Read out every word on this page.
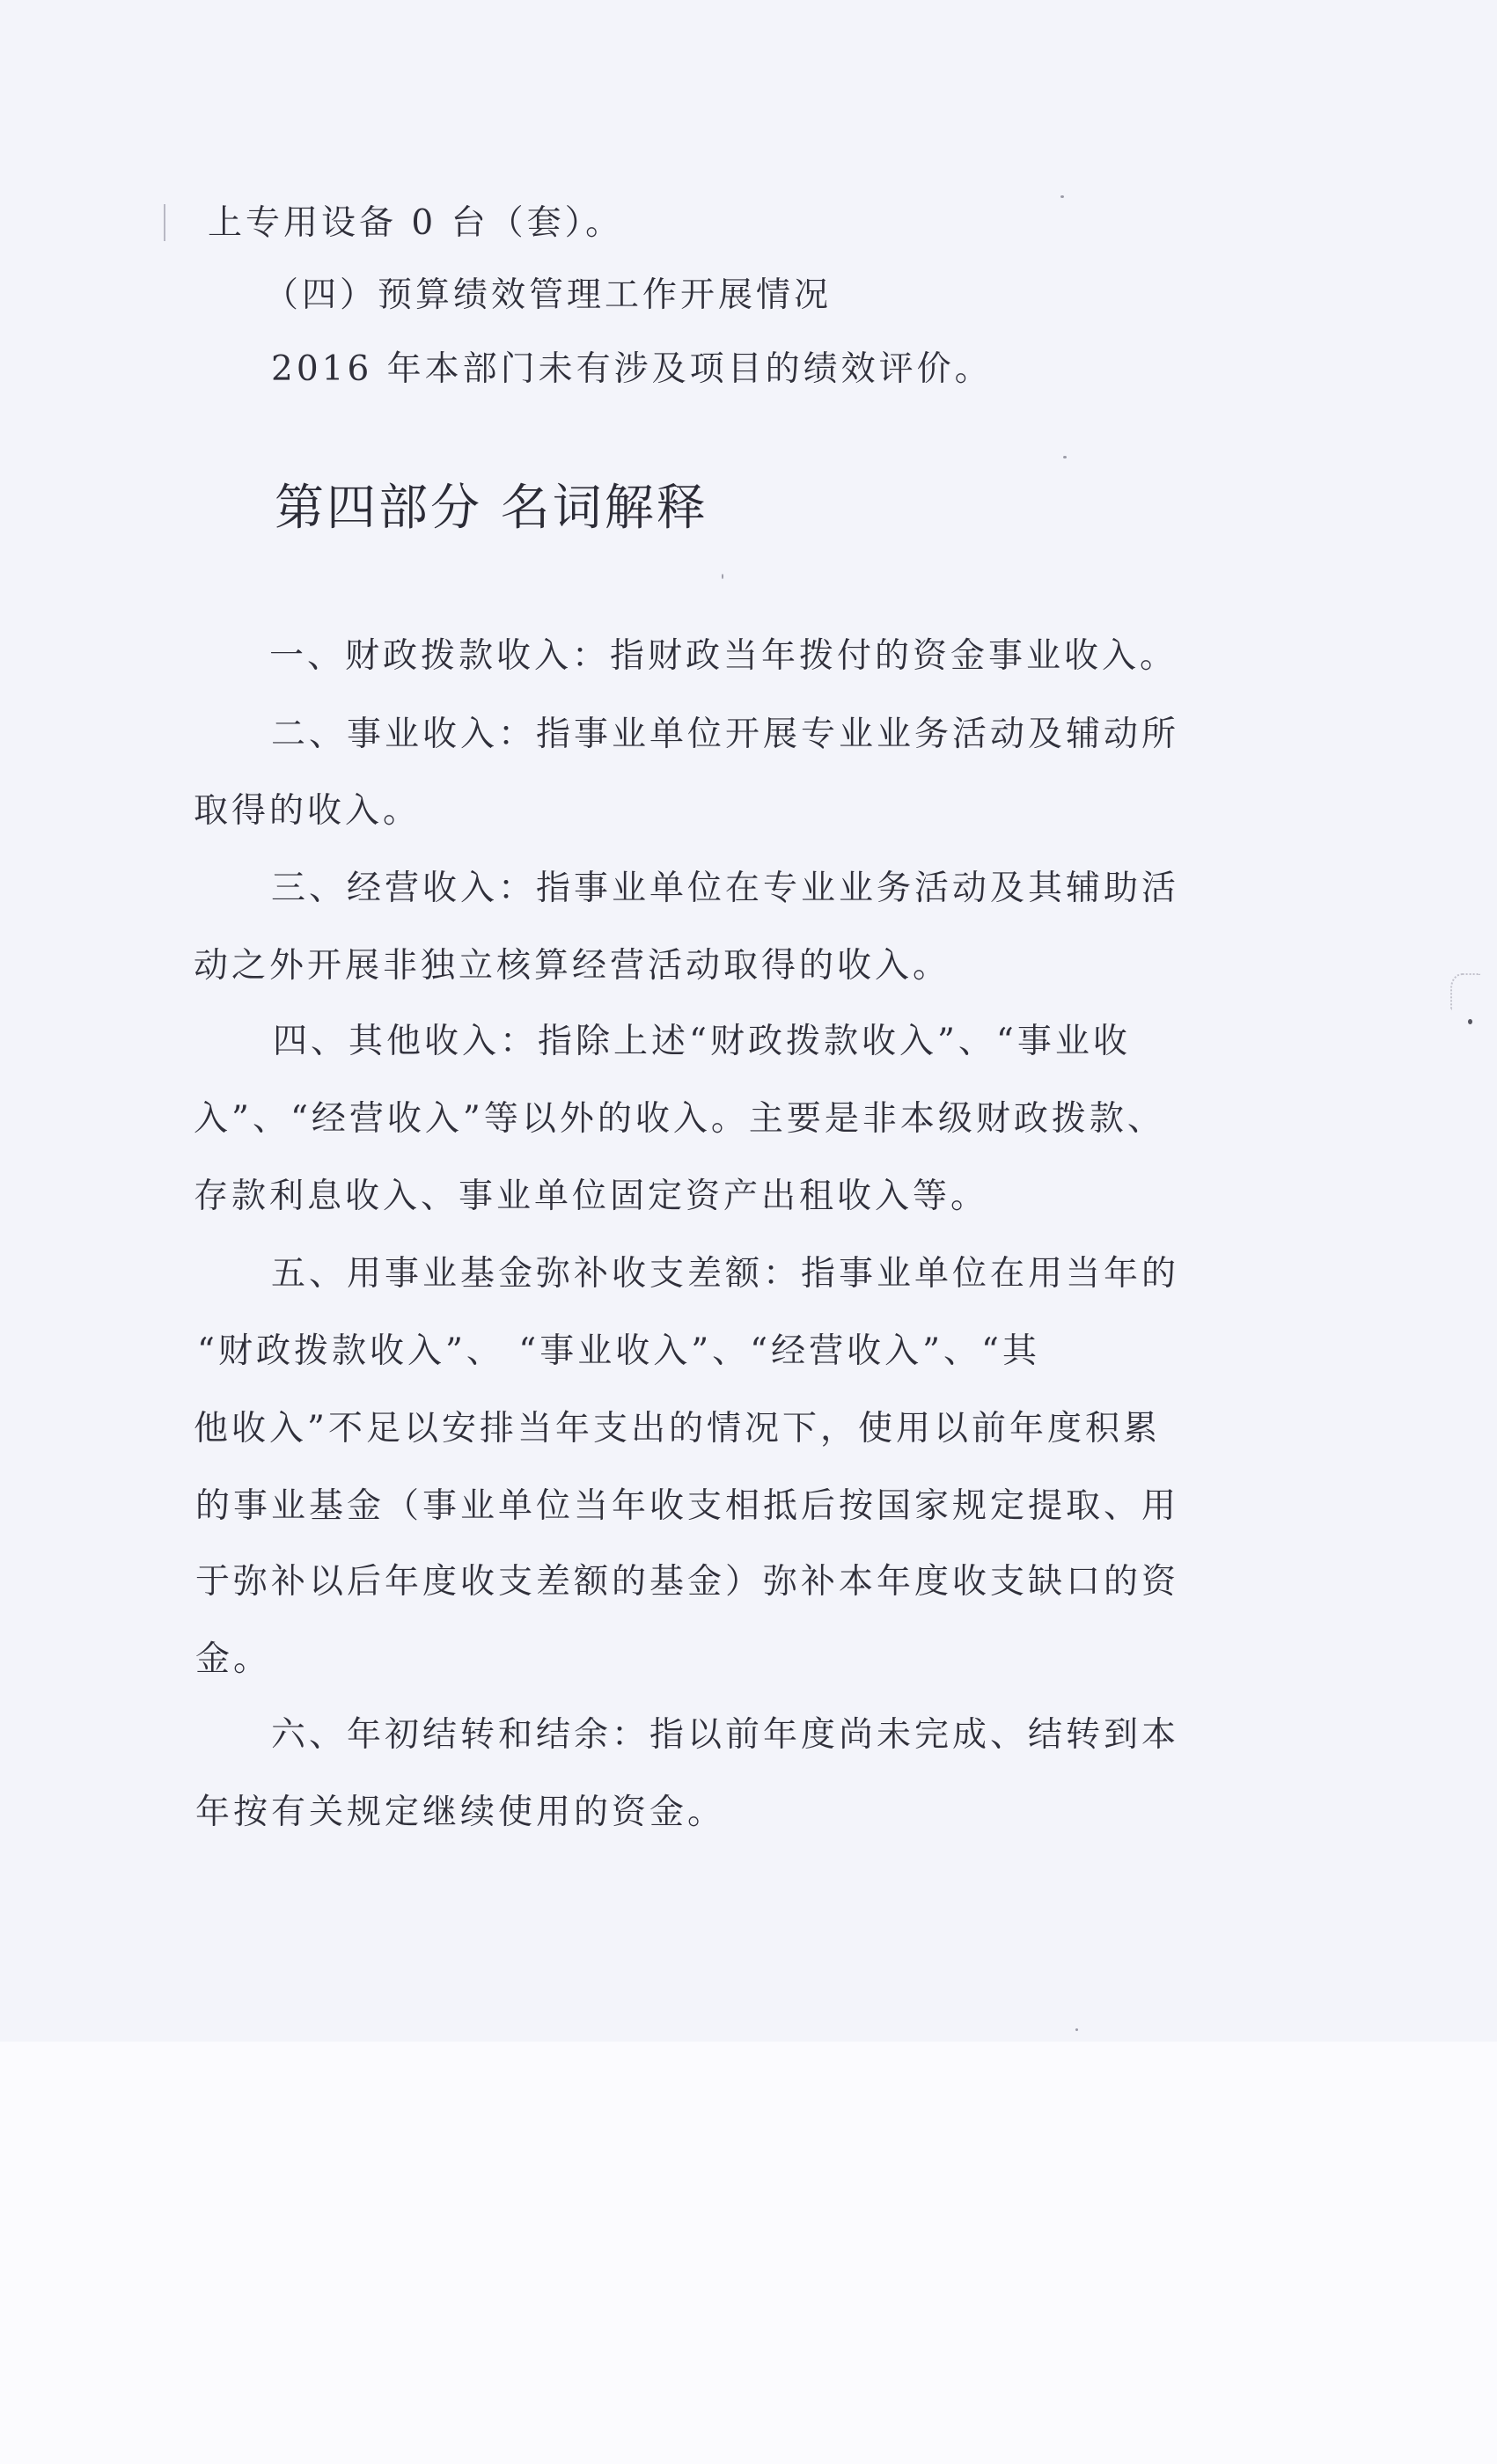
上专用设备 0 台（套）。

（四）预算绩效管理工作开展情况

2016 年本部门未有涉及项目的绩效评价。

第四部分 名词解释

一、财政拨款收入：指财政当年拨付的资金事业收入。

二、事业收入：指事业单位开展专业业务活动及辅动所

取得的收入。

三、经营收入：指事业单位在专业业务活动及其辅助活

动之外开展非独立核算经营活动取得的收入。

四、其他收入：指除上述“财政拨款收入”、“事业收

入”、“经营收入”等以外的收入。主要是非本级财政拨款、

存款利息收入、事业单位固定资产出租收入等。

五、用事业基金弥补收支差额：指事业单位在用当年的

“财政拨款收入”、 “事业收入”、“经营收入”、“其

他收入”不足以安排当年支出的情况下，使用以前年度积累

的事业基金（事业单位当年收支相抵后按国家规定提取、用

于弥补以后年度收支差额的基金）弥补本年度收支缺口的资

金。

六、年初结转和结余：指以前年度尚未完成、结转到本

年按有关规定继续使用的资金。
